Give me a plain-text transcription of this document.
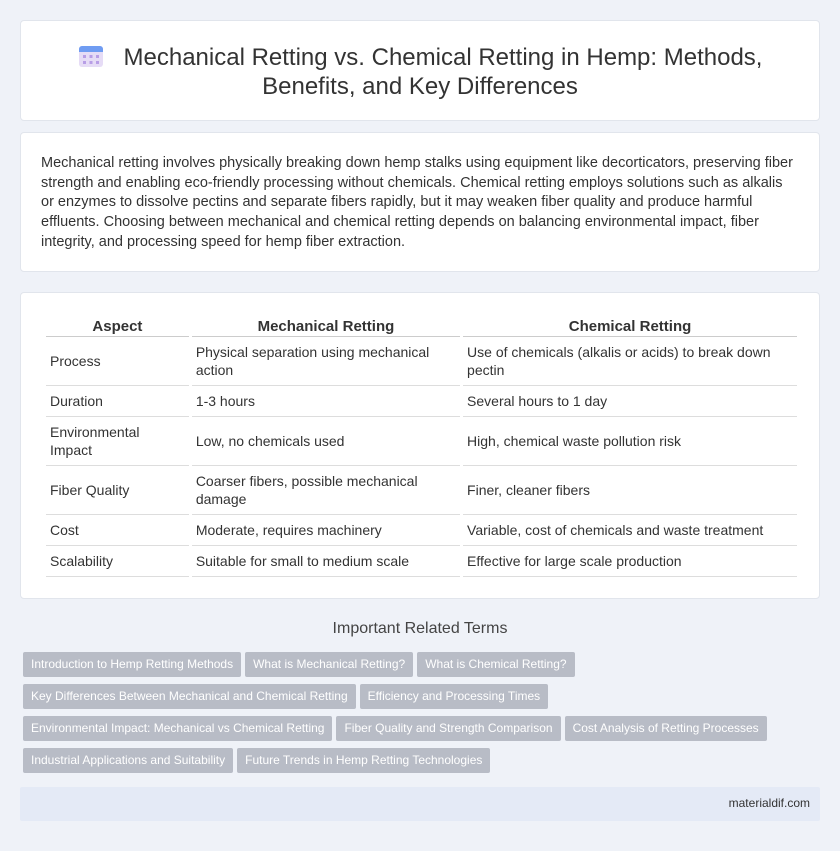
Mechanical Retting vs. Chemical Retting in Hemp: Methods, Benefits, and Key Differences

Mechanical retting involves physically breaking down hemp stalks using equipment like decorticators, preserving fiber strength and enabling eco-friendly processing without chemicals. Chemical retting employs solutions such as alkalis or enzymes to dissolve pectins and separate fibers rapidly, but it may weaken fiber quality and produce harmful effluents. Choosing between mechanical and chemical retting depends on balancing environmental impact, fiber integrity, and processing speed for hemp fiber extraction.

Aspect	Mechanical Retting	Chemical Retting
Process	Physical separation using mechanical action	Use of chemicals (alkalis or acids) to break down pectin
Duration	1-3 hours	Several hours to 1 day
Environmental Impact	Low, no chemicals used	High, chemical waste pollution risk
Fiber Quality	Coarser fibers, possible mechanical damage	Finer, cleaner fibers
Cost	Moderate, requires machinery	Variable, cost of chemicals and waste treatment
Scalability	Suitable for small to medium scale	Effective for large scale production
Important Related Terms
Introduction to Hemp Retting Methods What is Mechanical Retting? What is Chemical Retting?
Key Differences Between Mechanical and Chemical Retting Efficiency and Processing Times
Environmental Impact: Mechanical vs Chemical Retting Fiber Quality and Strength Comparison Cost Analysis of Retting Processes
Industrial Applications and Suitability Future Trends in Hemp Retting Technologies
materialdif.com
